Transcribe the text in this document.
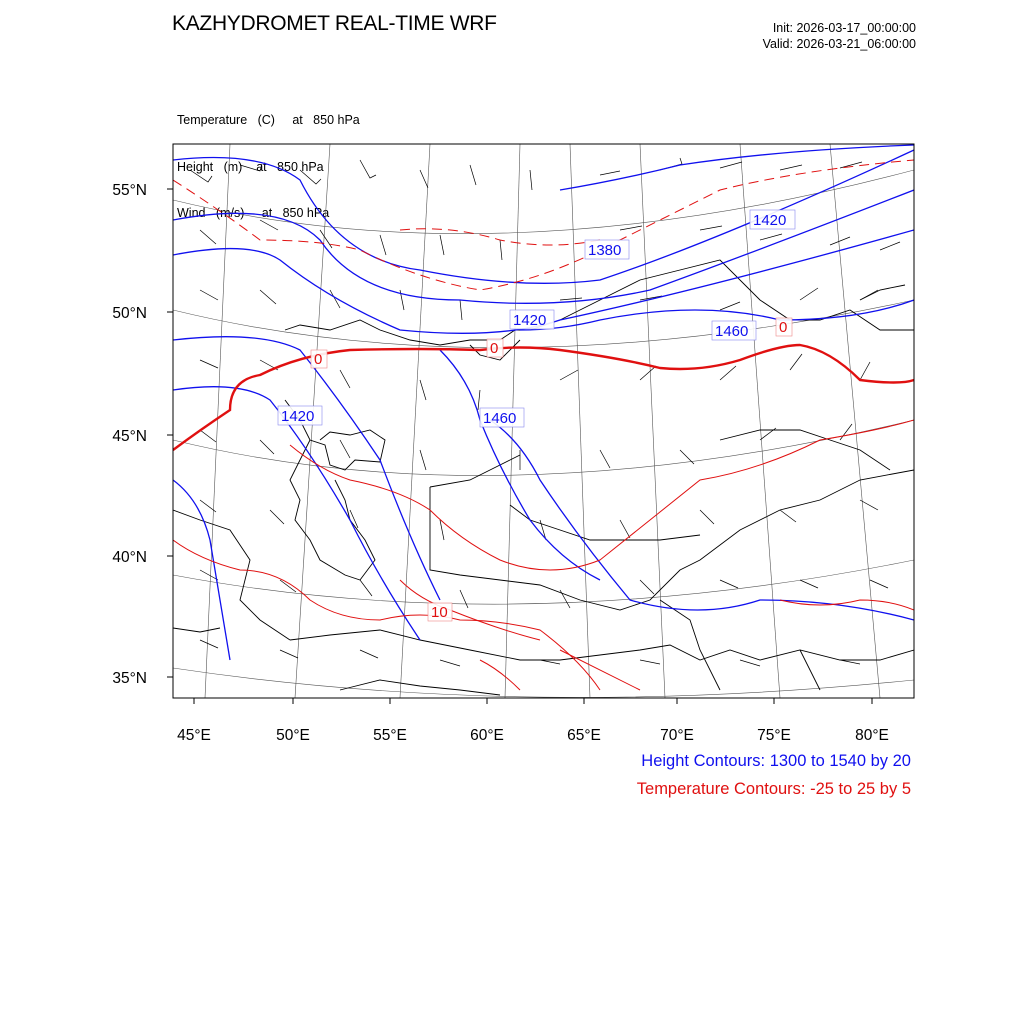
KAZHYDROMET REAL-TIME WRF	Init: 2026-03-17_00:00:00
Valid: 2026-03-21_06:00:00

Temperature (C) at   850 hPa

Height (m) at   850 hPa

Wind (m/s) at   850 hPa

55°N
50°N
45°N
40°N
35°N
45°E	50°E	55°E	60°E	65°E	70°E	75°E	80°E
1380
1420
1420
1420	1460
1460
0
0
0
10
Height Contours: 1300 to 1540 by 20
Temperature Contours: -25 to 25 by 5
